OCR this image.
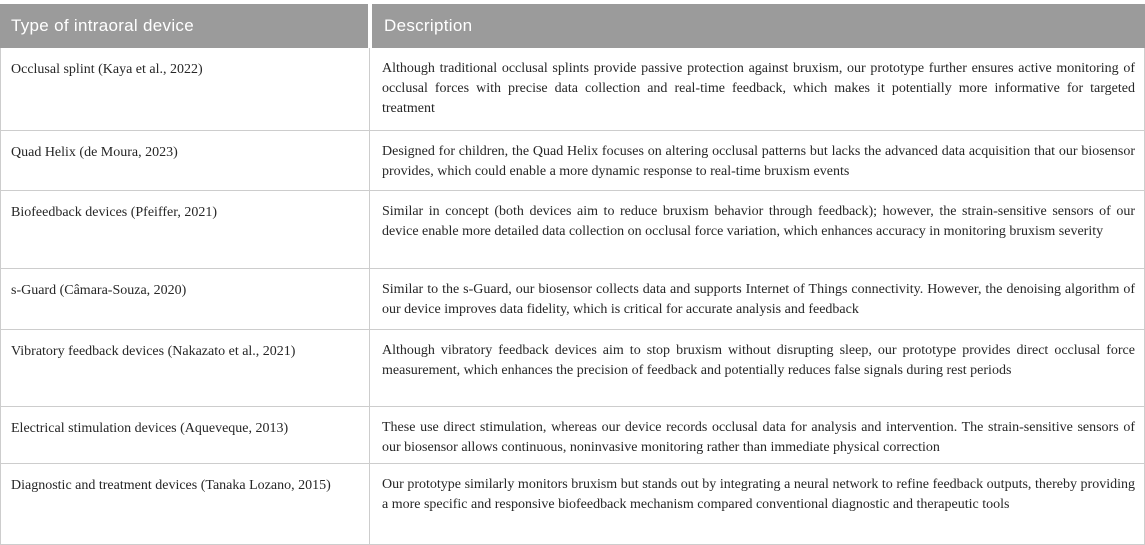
Type of intraoral device	Description
Occlusal splint (Kaya et al., 2022)	Although traditional occlusal splints provide passive protection against bruxism, our prototype further ensures active monitoring of occlusal forces with precise data collection and real-time feedback, which makes it potentially more informative for targeted treatment
Quad Helix (de Moura, 2023)	Designed for children, the Quad Helix focuses on altering occlusal patterns but lacks the advanced data acquisition that our biosensor provides, which could enable a more dynamic response to real-time bruxism events
Biofeedback devices (Pfeiffer, 2021)	Similar in concept (both devices aim to reduce bruxism behavior through feedback); however, the strain-sensitive sensors of our device enable more detailed data collection on occlusal force variation, which enhances accuracy in monitoring bruxism severity
s-Guard (Câmara-Souza, 2020)	Similar to the s-Guard, our biosensor collects data and supports Internet of Things connectivity. However, the denoising algorithm of our device improves data fidelity, which is critical for accurate analysis and feedback
Vibratory feedback devices (Nakazato et al., 2021)	Although vibratory feedback devices aim to stop bruxism without disrupting sleep, our prototype provides direct occlusal force measurement, which enhances the precision of feedback and potentially reduces false signals during rest periods
Electrical stimulation devices (Aqueveque, 2013)	These use direct stimulation, whereas our device records occlusal data for analysis and intervention. The strain-sensitive sensors of our biosensor allows continuous, noninvasive monitoring rather than immediate physical correction
Diagnostic and treatment devices (Tanaka Lozano, 2015)	Our prototype similarly monitors bruxism but stands out by integrating a neural network to refine feedback outputs, thereby providing a more specific and responsive biofeedback mechanism compared conventional diagnostic and therapeutic tools
